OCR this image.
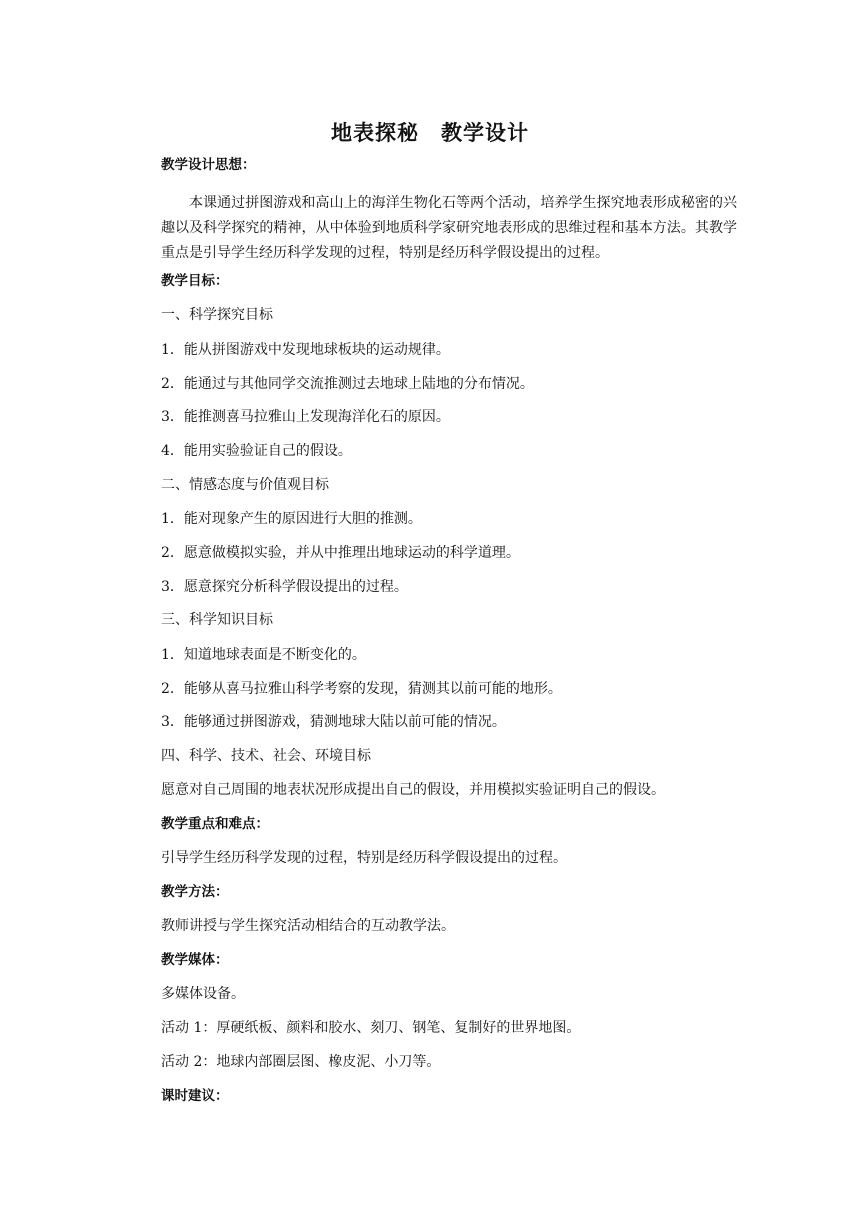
地表探秘　教学设计
教学设计思想：
本课通过拼图游戏和高山上的海洋生物化石等两个活动，培养学生探究地表形成秘密的兴趣以及科学探究的精神，从中体验到地质科学家研究地表形成的思维过程和基本方法。其教学重点是引导学生经历科学发现的过程，特别是经历科学假设提出的过程。
教学目标：
一、科学探究目标
1．能从拼图游戏中发现地球板块的运动规律。
2．能通过与其他同学交流推测过去地球上陆地的分布情况。
3．能推测喜马拉雅山上发现海洋化石的原因。
4．能用实验验证自己的假设。
二、情感态度与价值观目标
1．能对现象产生的原因进行大胆的推测。
2．愿意做模拟实验，并从中推理出地球运动的科学道理。
3．愿意探究分析科学假设提出的过程。
三、科学知识目标
1．知道地球表面是不断变化的。
2．能够从喜马拉雅山科学考察的发现，猜测其以前可能的地形。
3．能够通过拼图游戏，猜测地球大陆以前可能的情况。
四、科学、技术、社会、环境目标
愿意对自己周围的地表状况形成提出自己的假设，并用模拟实验证明自己的假设。
教学重点和难点：
引导学生经历科学发现的过程，特别是经历科学假设提出的过程。
教学方法：
教师讲授与学生探究活动相结合的互动教学法。
教学媒体：
多媒体设备。
活动 1：厚硬纸板、颜料和胶水、刻刀、钢笔、复制好的世界地图。
活动 2：地球内部圈层图、橡皮泥、小刀等。
课时建议：
